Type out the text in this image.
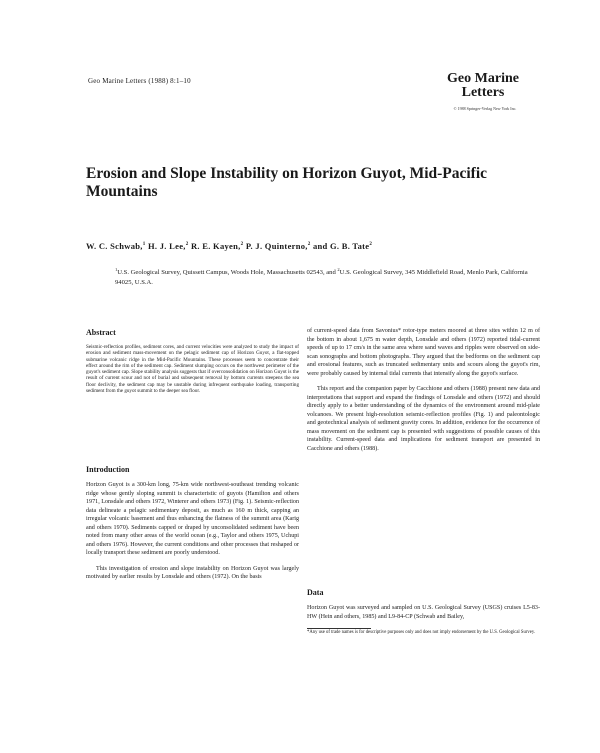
Geo Marine Letters (1988) 8:1–10	Geo Marine
Letters
© 1988 Springer-Verlag New York Inc.
Erosion and Slope Instability on Horizon Guyot, Mid-Pacific Mountains
W. C. Schwab,$^1$ H. J. Lee,$^2$ R. E. Kayen,$^2$ P. J. Quinterno,$^2$ and G. B. Tate$^2$
$^1$U.S. Geological Survey, Quissett Campus, Woods Hole, Massachusetts 02543, and $^2$U.S. Geological Survey, 345 Middlefield Road, Menlo Park, California 94025, U.S.A.
Abstract
Seismic-reflection profiles, sediment cores, and current velocities were analyzed to study the impact of erosion and sediment mass-movement on the pelagic sediment cap of Horizon Guyot, a flat-topped submarine volcanic ridge in the Mid-Pacific Mountains. These processes seem to concentrate their effect around the rim of the sediment cap. Sediment slumping occurs on the northwest perimeter of the guyot's sediment cap. Slope stability analysis suggests that if overconsolidation on Horizon Guyot is the result of current scour and not of burial and subsequent removal by bottom currents steepens the sea floor declivity, the sediment cap may be unstable during infrequent earthquake loading, transporting sediment from the guyot summit to the deeper sea floor.
Introduction

Horizon Guyot is a 300-km long, 75-km wide northwest-southeast trending volcanic ridge whose gently sloping summit is characteristic of guyots (Hamilton and others 1971, Lonsdale and others 1972, Winterer and others 1973) (Fig. 1). Seismic-reflection data delineate a pelagic sedimentary deposit, as much as 160 m thick, capping an irregular volcanic basement and thus enhancing the flatness of the summit area (Karig and others 1970). Sediments capped or draped by unconsolidated sediment have been noted from many other areas of the world ocean (e.g., Taylor and others 1975, Uchupi and others 1976). However, the current conditions and other processes that reshaped or locally transport these sediment are poorly understood.

This investigation of erosion and slope instability on Horizon Guyot was largely motivated by earlier results by Lonsdale and others (1972). On the basis

of current-speed data from Savonius* rotor-type meters moored at three sites within 12 m of the bottom in about 1,675 m water depth, Lonsdale and others (1972) reported tidal-current speeds of up to 17 cm/s in the same area where sand waves and ripples were observed on side-scan sonographs and bottom photographs. They argued that the bedforms on the sediment cap and erosional features, such as truncated sedimentary units and scours along the guyot's rim, were probably caused by internal tidal currents that intensify along the guyot's surface.

This report and the companion paper by Cacchione and others (1988) present new data and interpretations that support and expand the findings of Lonsdale and others (1972) and should directly apply to a better understanding of the dynamics of the environment around mid-plate volcanoes. We present high-resolution seismic-reflection profiles (Fig. 1) and paleontologic and geotechnical analysis of sediment gravity cores. In addition, evidence for the occurrence of mass movement on the sediment cap is presented with suggestions of possible causes of this instability. Current-speed data and implications for sediment transport are presented in Cacchione and others (1988).

Data

Horizon Guyot was surveyed and sampled on U.S. Geological Survey (USGS) cruises L5-83-HW (Hein and others, 1985) and L9-84-CP (Schwab and Bailey,

*Any use of trade names is for descriptive purposes only and does not imply endorsement by the U.S. Geological Survey.
